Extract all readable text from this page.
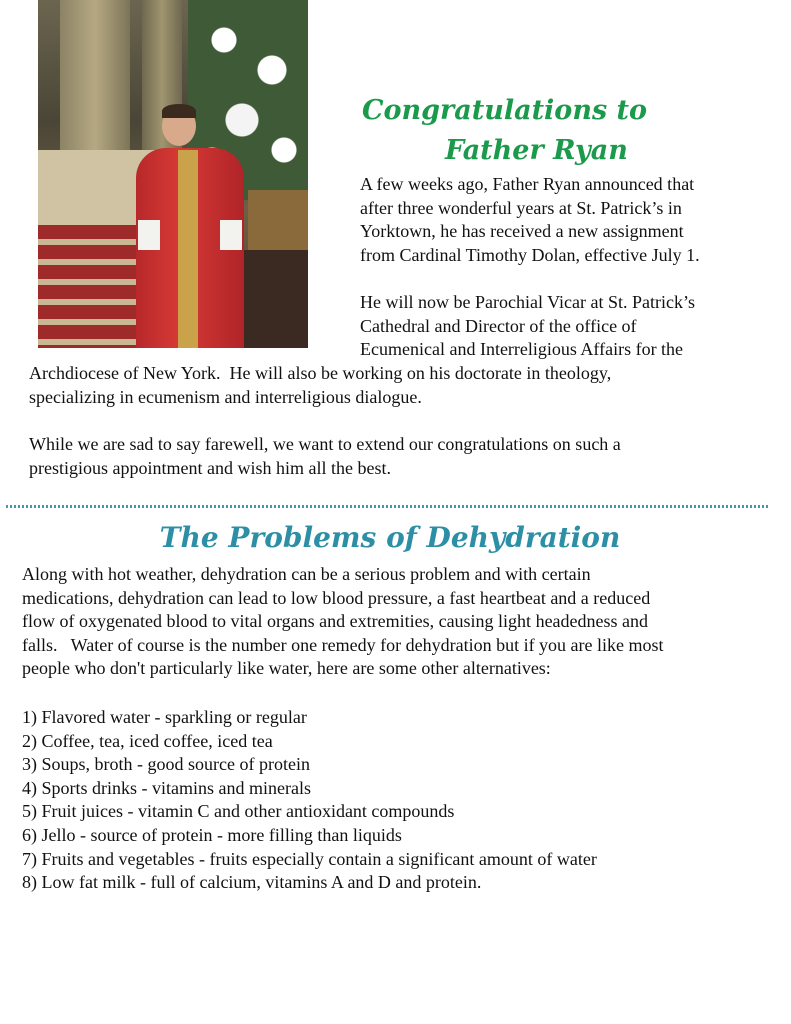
Congratulations to
Father Ryan

A few weeks ago, Father Ryan announced that

after three wonderful years at St. Patrick’s in

Yorktown, he has received a new assignment

from Cardinal Timothy Dolan, effective July 1.

He will now be Parochial Vicar at St. Patrick’s

Cathedral and Director of the office of

Ecumenical and Interreligious Affairs for the

Archdiocese of New York.  He will also be working on his doctorate in theology,

specializing in ecumenism and interreligious dialogue.

While we are sad to say farewell, we want to extend our congratulations on such a

prestigious appointment and wish him all the best.

The Problems of Dehydration

Along with hot weather, dehydration can be a serious problem and with certain

medications, dehydration can lead to low blood pressure, a fast heartbeat and a reduced

flow of oxygenated blood to vital organs and extremities, causing light headedness and

falls.   Water of course is the number one remedy for dehydration but if you are like most

people who don't particularly like water, here are some other alternatives:

1) Flavored water - sparkling or regular
2) Coffee, tea, iced coffee, iced tea
3) Soups, broth - good source of protein
4) Sports drinks - vitamins and minerals
5) Fruit juices - vitamin C and other antioxidant compounds
6) Jello - source of protein - more filling than liquids
7) Fruits and vegetables - fruits especially contain a significant amount of water
8) Low fat milk - full of calcium, vitamins A and D and protein.
